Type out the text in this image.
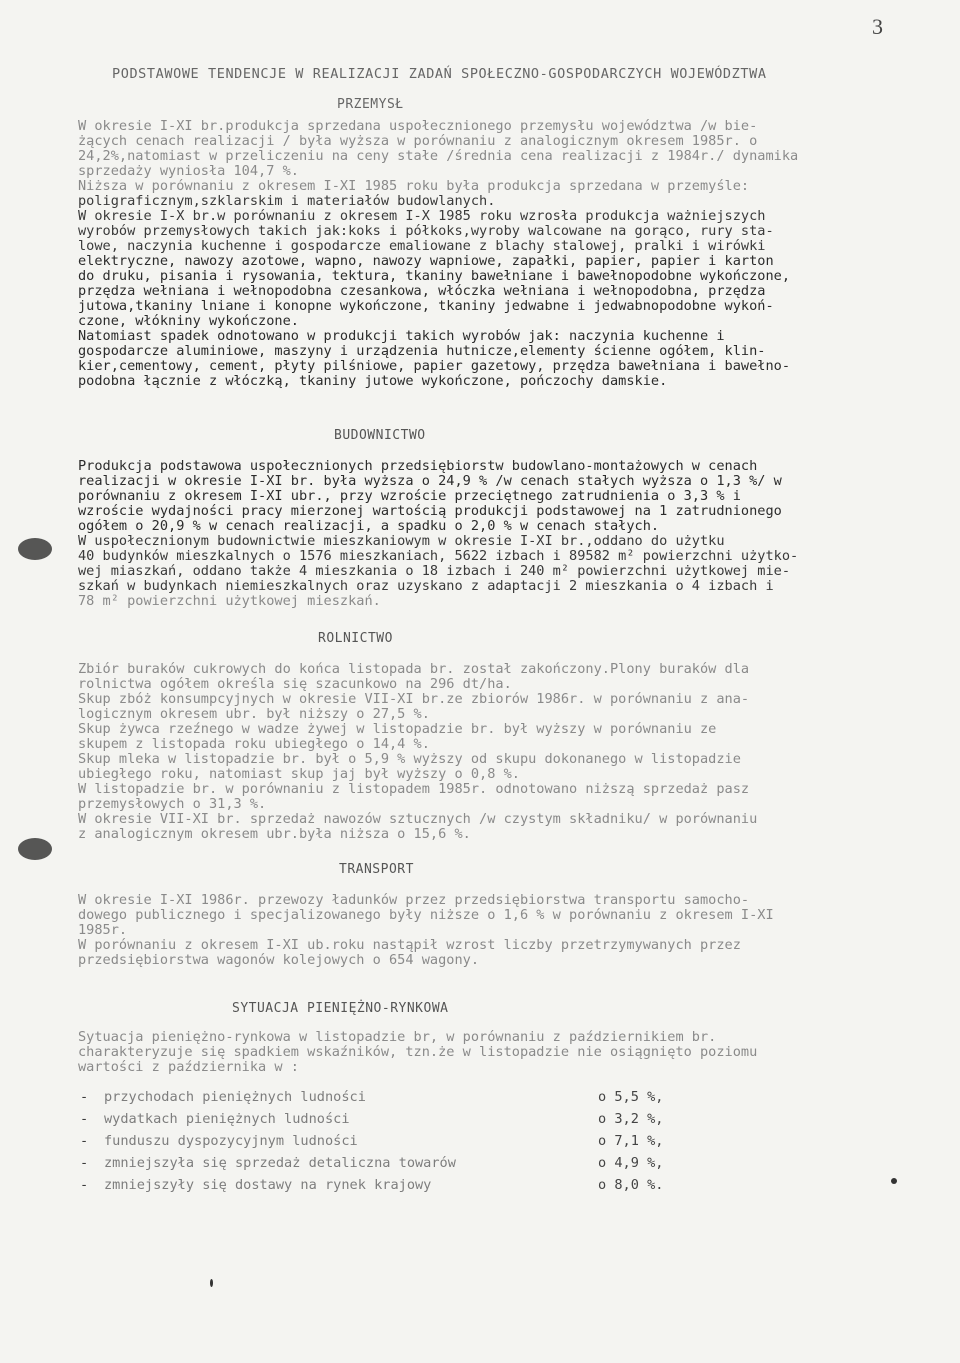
3
PODSTAWOWE TENDENCJE W REALIZACJI ZADAŃ SPOŁECZNO-GOSPODARCZYCH WOJEWÓDZTWA
PRZEMYSŁ
W okresie I-XI br.produkcja sprzedana uspołecznionego przemysłu województwa /w bie-
żących cenach realizacji / była wyższa w porównaniu z analogicznym okresem 1985r. o
24,2%,natomiast w przeliczeniu na ceny stałe /średnia cena realizacji z 1984r./ dynamika
sprzedaży wyniosła 104,7 %.
Niższa w porównaniu z okresem I-XI 1985 roku była produkcja sprzedana w przemyśle:
poligraficznym,szklarskim i materiałów budowlanych.
W okresie I-X br.w porównaniu z okresem I-X 1985 roku wzrosła produkcja ważniejszych
wyrobów przemysłowych takich jak:koks i półkoks,wyroby walcowane na gorąco, rury sta-
lowe, naczynia kuchenne i gospodarcze emaliowane z blachy stalowej, pralki i wirówki
elektryczne, nawozy azotowe, wapno, nawozy wapniowe, zapałki, papier, papier i karton
do druku, pisania i rysowania, tektura, tkaniny bawełniane i bawełnopodobne wykończone,
przędza wełniana i wełnopodobna czesankowa, włóczka wełniana i wełnopodobna, przędza
jutowa,tkaniny lniane i konopne wykończone, tkaniny jedwabne i jedwabnopodobne wykoń-
czone, włókniny wykończone.
Natomiast spadek odnotowano w produkcji takich wyrobów jak: naczynia kuchenne i
gospodarcze aluminiowe, maszyny i urządzenia hutnicze,elementy ścienne ogółem, klin-
kier,cementowy, cement, płyty pilśniowe, papier gazetowy, przędza bawełniana i bawełno-
podobna łącznie z włóczką, tkaniny jutowe wykończone, pończochy damskie.
BUDOWNICTWO
Produkcja podstawowa uspołecznionych przedsiębiorstw budowlano-montażowych w cenach
realizacji w okresie I-XI br. była wyższa o 24,9 % /w cenach stałych wyższa o 1,3 %/ w
porównaniu z okresem I-XI ubr., przy wzroście przeciętnego zatrudnienia o 3,3 % i
wzroście wydajności pracy mierzonej wartością produkcji podstawowej na 1 zatrudnionego
ogółem o 20,9 % w cenach realizacji, a spadku o 2,0 % w cenach stałych.
W uspołecznionym budownictwie mieszkaniowym w okresie I-XI br.,oddano do użytku
40 budynków mieszkalnych o 1576 mieszkaniach, 5622 izbach i 89582 m² powierzchni użytko-
wej miaszkań, oddano także 4 mieszkania o 18 izbach i 240 m² powierzchni użytkowej mie-
szkań w budynkach niemieszkalnych oraz uzyskano z adaptacji 2 mieszkania o 4 izbach i
78 m² powierzchni użytkowej mieszkań.
ROLNICTWO
Zbiór buraków cukrowych do końca listopada br. został zakończony.Plony buraków dla
rolnictwa ogółem określa się szacunkowo na 296 dt/ha.
Skup zbóż konsumpcyjnych w okresie VII-XI br.ze zbiorów 1986r. w porównaniu z ana-
logicznym okresem ubr. był niższy o 27,5 %.
Skup żywca rzeźnego w wadze żywej w listopadzie br. był wyższy w porównaniu ze
skupem z listopada roku ubiegłego o 14,4 %.
Skup mleka w listopadzie br. był o 5,9 % wyższy od skupu dokonanego w listopadzie
ubiegłego roku, natomiast skup jaj był wyższy o 0,8 %.
W listopadzie br. w porównaniu z listopadem 1985r. odnotowano niższą sprzedaż pasz
przemysłowych o 31,3 %.
W okresie VII-XI br. sprzedaż nawozów sztucznych /w czystym składniku/ w porównaniu
z analogicznym okresem ubr.była niższa o 15,6 %.
TRANSPORT
W okresie I-XI 1986r. przewozy ładunków przez przedsiębiorstwa transportu samocho-
dowego publicznego i specjalizowanego były niższe o 1,6 % w porównaniu z okresem I-XI
1985r.
W porównaniu z okresem I-XI ub.roku nastąpił wzrost liczby przetrzymywanych przez
przedsiębiorstwa wagonów kolejowych o 654 wagony.
SYTUACJA PIENIĘŻNO-RYNKOWA
Sytuacja pieniężno-rynkowa w listopadzie br, w porównaniu z październikiem br.
charakteryzuje się spadkiem wskaźników, tzn.że w listopadzie nie osiągnięto poziomu
wartości z października w :
- przychodach pieniężnych ludności	o 5,5 %,
- wydatkach pieniężnych ludności	o 3,2 %,
- funduszu dyspozycyjnym ludności	o 7,1 %,
- zmniejszyła się sprzedaż detaliczna towarów	o 4,9 %,
- zmniejszyły się dostawy na rynek krajowy	o 8,0 %.
